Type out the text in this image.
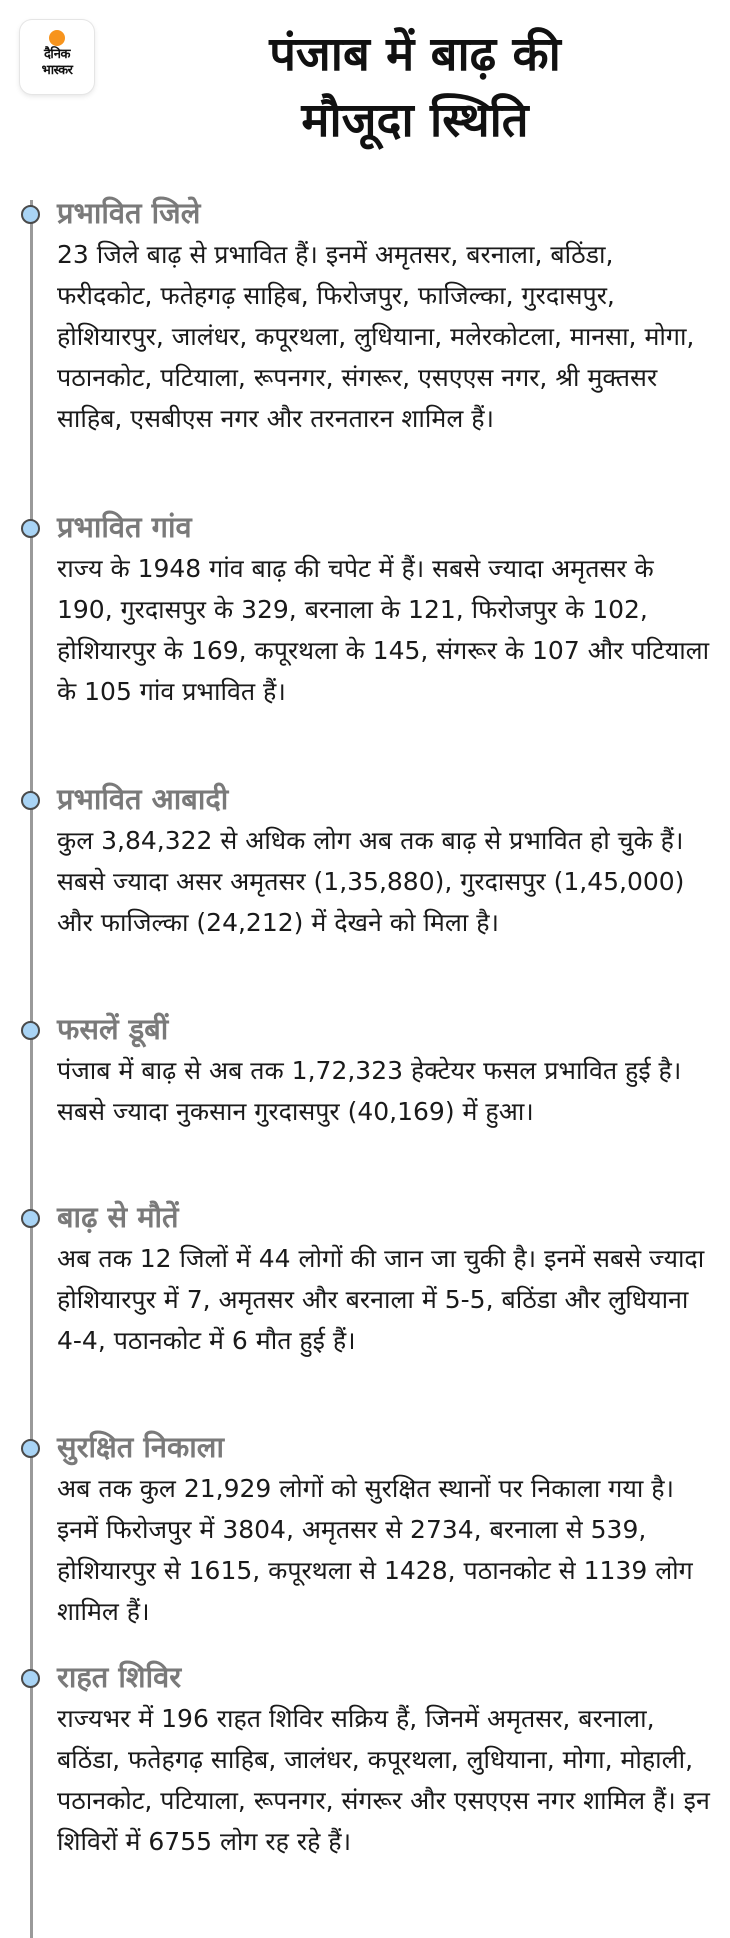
दैनिक
भास्कर	पंजाब में बाढ़ की
मौजूदा स्थिति
प्रभावित जिले
23 जिले बाढ़ से प्रभावित हैं। इनमें अमृतसर, बरनाला, बठिंडा, फरीदकोट, फतेहगढ़ साहिब, फिरोजपुर, फाजिल्का, गुरदासपुर, होशियारपुर, जालंधर, कपूरथला, लुधियाना, मलेरकोटला, मानसा, मोगा, पठानकोट, पटियाला, रूपनगर, संगरूर, एसएएस नगर, श्री मुक्तसर साहिब, एसबीएस नगर और तरनतारन शामिल हैं।
प्रभावित गांव
राज्य के 1948 गांव बाढ़ की चपेट में हैं। सबसे ज्यादा अमृतसर के 190, गुरदासपुर के 329, बरनाला के 121, फिरोजपुर के 102, होशियारपुर के 169, कपूरथला के 145, संगरूर के 107 और पटियाला के 105 गांव प्रभावित हैं।
प्रभावित आबादी
कुल 3,84,322 से अधिक लोग अब तक बाढ़ से प्रभावित हो चुके हैं। सबसे ज्यादा असर अमृतसर (1,35,880), गुरदासपुर (1,45,000) और फाजिल्का (24,212) में देखने को मिला है।
फसलें डूबीं
पंजाब में बाढ़ से अब तक 1,72,323 हेक्टेयर फसल प्रभावित हुई है। सबसे ज्यादा नुकसान गुरदासपुर (40,169) में हुआ।
बाढ़ से मौतें
अब तक 12 जिलों में 44 लोगों की जान जा चुकी है। इनमें सबसे ज्यादा होशियारपुर में 7, अमृतसर और बरनाला में 5-5, बठिंडा और लुधियाना 4-4, पठानकोट में 6 मौत हुई हैं।
सुरक्षित निकाला
अब तक कुल 21,929 लोगों को सुरक्षित स्थानों पर निकाला गया है। इनमें फिरोजपुर में 3804, अमृतसर से 2734, बरनाला से 539, होशियारपुर से 1615, कपूरथला से 1428, पठानकोट से 1139 लोग शामिल हैं।
राहत शिविर
राज्यभर में 196 राहत शिविर सक्रिय हैं, जिनमें अमृतसर, बरनाला, बठिंडा, फतेहगढ़ साहिब, जालंधर, कपूरथला, लुधियाना, मोगा, मोहाली, पठानकोट, पटियाला, रूपनगर, संगरूर और एसएएस नगर शामिल हैं। इन शिविरों में 6755 लोग रह रहे हैं।
